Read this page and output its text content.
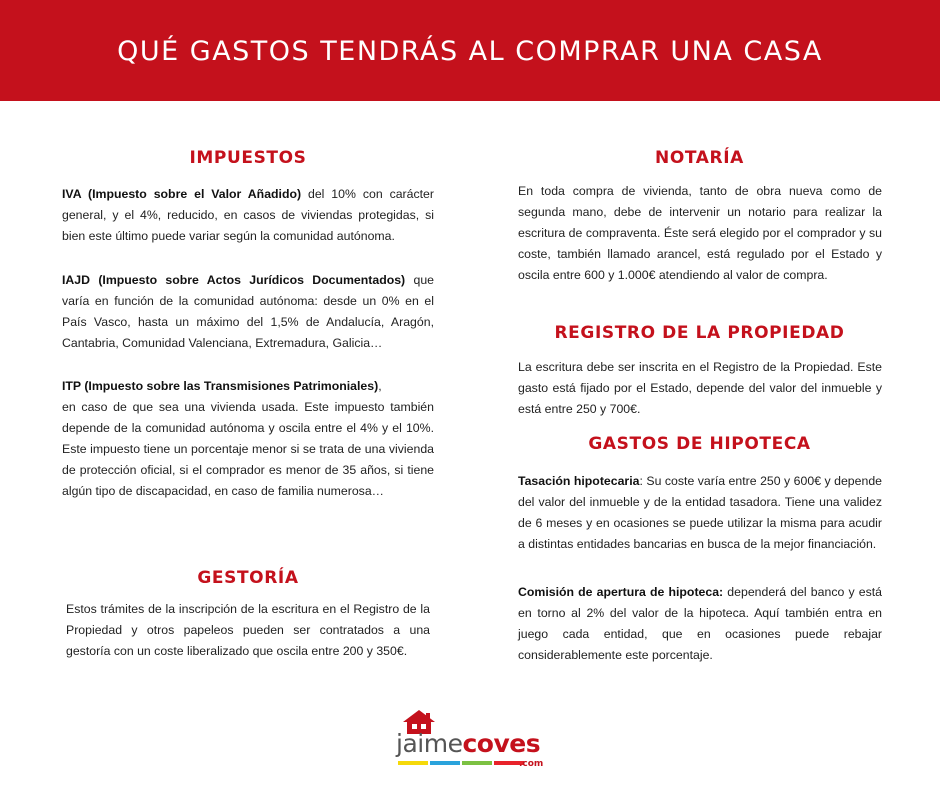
QUÉ GASTOS TENDRÁS AL COMPRAR UNA CASA
IMPUESTOS

IVA (Impuesto sobre el Valor Añadido) del 10% con carácter general, y el 4%, reducido, en casos de viviendas protegidas, si bien este último puede variar según la comunidad autónoma.

IAJD (Impuesto sobre Actos Jurídicos Documentados) que varía en función de la comunidad autónoma: desde un 0% en el País Vasco, hasta un máximo del 1,5% de Andalucía, Aragón, Cantabria, Comunidad Valenciana, Extremadura, Galicia…

ITP (Impuesto sobre las Transmisiones Patrimoniales),
en caso de que sea una vivienda usada. Este impuesto también depende de la comunidad autónoma y oscila entre el 4% y el 10%. Este impuesto tiene un porcentaje menor si se trata de una vivienda de protección oficial, si el comprador es menor de 35 años, si tiene algún tipo de discapacidad, en caso de familia numerosa…

GESTORÍA

Estos trámites de la inscripción de la escritura en el Registro de la Propiedad y otros papeleos pueden ser contratados a una gestoría con un coste liberalizado que oscila entre 200 y 350€.

NOTARÍA

En toda compra de vivienda, tanto de obra nueva como de segunda mano, debe de intervenir un notario para realizar la escritura de compraventa. Éste será elegido por el comprador y su coste, también llamado arancel, está regulado por el Estado y oscila entre 600 y 1.000€ atendiendo al valor de compra.

REGISTRO DE LA PROPIEDAD

La escritura debe ser inscrita en el Registro de la Propiedad. Este gasto está fijado por el Estado, depende del valor del inmueble y está entre 250 y 700€.

GASTOS DE HIPOTECA

Tasación hipotecaria: Su coste varía entre 250 y 600€ y depende del valor del inmueble y de la entidad tasadora. Tiene una validez de 6 meses y en ocasiones se puede utilizar la misma para acudir a distintas entidades bancarias en busca de la mejor financiación.

Comisión de apertura de hipoteca: dependerá del banco y está en torno al 2% del valor de la hipoteca. Aquí también entra en juego cada entidad, que en ocasiones puede rebajar considerablemente este porcentaje.

jaimecoves
.com
